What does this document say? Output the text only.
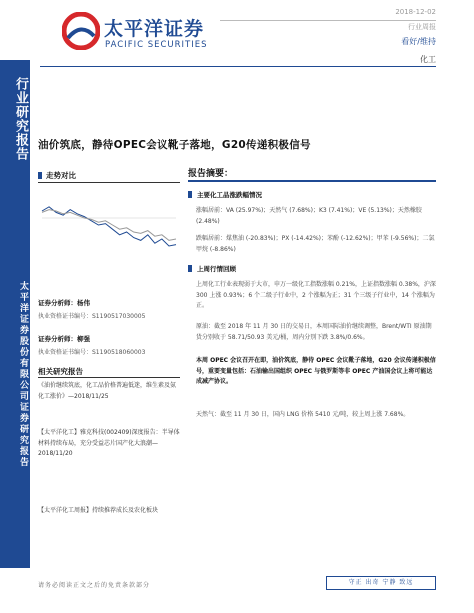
行业研究报告
太平洋证券股份有限公司证券研究报告
太平洋证券
PACIFIC SECURITIES
2018-12-02
行业周报
看好/维持
化工
油价筑底，静待OPEC会议靴子落地，G20传递积极信号
走势对比
证券分析师：杨伟
执业资格证书编号：S1190517030005
证券分析师：柳强
执业资格证书编号：S1190518060003
相关研究报告
《油价继续筑底，化工品价格普遍低迷，维生素及氨化工涨价》—2018/11/25
【太平洋化工】雅克科技(002409)深度报告：半导体材料持续布局，充分受益芯片国产化大浪潮—2018/11/20
【太平洋化工周报】持续推荐成长及农化板块
报告摘要：
主要化工品涨跌幅情况
涨幅居前：VA (25.97%)；天然气 (7.68%)；K3 (7.41%)；VE (5.13%)；天然橡胶 (2.48%)
跌幅居前：煤焦油 (-20.83%)；PX (-14.42%)；苯酚 (-12.62%)；甲苯 (-9.56%)；二氯甲烷 (-8.86%)
上周行情回顾
上周化工行业表现弱于大市，申万一级化工指数涨幅 0.21%，上证指数涨幅 0.38%，沪深 300 上涨 0.93%；6 个二级子行业中，2 个涨幅为正；31 个三级子行业中，14 个涨幅为正。
原油：截至 2018 年 11 月 30 日的交易日，本周国际油价继续调整，Brent/WTI 原油期货分别收于 58.71/50.93 美元/桶，周内分别下跌 3.8%/0.6%。
本周 OPEC 会议召开在即，油价筑底，静待 OPEC 会议靴子落地，G20 会议传递积极信号，重要变量包括：石油输出国组织 OPEC 与俄罗斯等非 OPEC 产油国会议上将可能达成减产协议。
天然气：截至 11 月 30 日，国内 LNG 价格 5410 元/吨，较上周上涨 7.68%。
请务必阅读正文之后的免责条款部分	守正 出奇 宁静 致远
